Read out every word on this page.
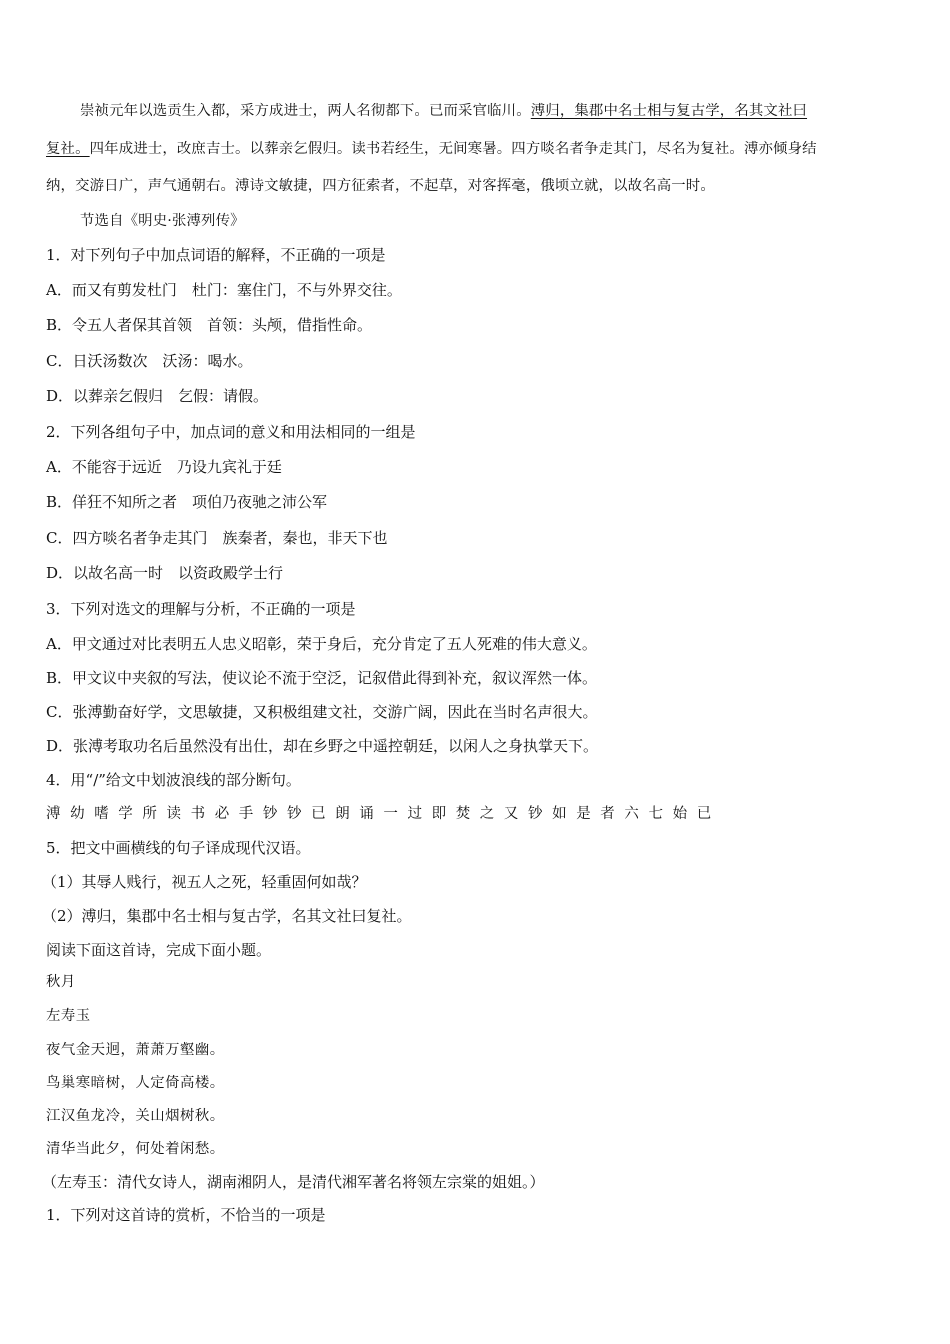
崇祯元年以选贡生入都，采方成进士，两人名彻都下。已而采官临川。溥归，集郡中名士相与复古学，名其文社曰
复社。四年成进士，改庶吉士。以葬亲乞假归。读书若经生，无间寒暑。四方啖名者争走其门，尽名为复社。溥亦倾身结
纳，交游日广，声气通朝右。溥诗文敏捷，四方征索者，不起草，对客挥毫，俄顷立就，以故名高一时。
节选自《明史·张溥列传》
1．对下列句子中加点词语的解释，不正确的一项是
A．而又有剪发杜门　杜门：塞住门，不与外界交往。
B．令五人者保其首领　首领：头颅，借指性命。
C．日沃汤数次　沃汤：喝水。
D．以葬亲乞假归　乞假：请假。
2．下列各组句子中，加点词的意义和用法相同的一组是
A．不能容于远近　乃设九宾礼于廷
B．佯狂不知所之者　项伯乃夜驰之沛公军
C．四方啖名者争走其门　族秦者，秦也，非天下也
D．以故名高一时　以资政殿学士行
3．下列对选文的理解与分析，不正确的一项是
A．甲文通过对比表明五人忠义昭彰，荣于身后，充分肯定了五人死难的伟大意义。
B．甲文议中夹叙的写法，使议论不流于空泛，记叙借此得到补充，叙议浑然一体。
C．张溥勤奋好学，文思敏捷，又积极组建文社，交游广阔，因此在当时名声很大。
D．张溥考取功名后虽然没有出仕，却在乡野之中遥控朝廷，以闲人之身执掌天下。
4．用“/”给文中划波浪线的部分断句。
溥幼嗜学所读书必手钞钞已朗诵一过即焚之又钞如是者六七始已
5．把文中画横线的句子译成现代汉语。
（1）其辱人贱行，视五人之死，轻重固何如哉？
（2）溥归，集郡中名士相与复古学，名其文社曰复社。
阅读下面这首诗，完成下面小题。
秋月
左寿玉
夜气金天迥，萧萧万壑幽。
鸟巢寒暗树，人定倚高楼。
江汉鱼龙冷，关山烟树秋。
清华当此夕，何处着闲愁。
（左寿玉：清代女诗人，湖南湘阴人，是清代湘军著名将领左宗棠的姐姐。）
1．下列对这首诗的赏析，不恰当的一项是
